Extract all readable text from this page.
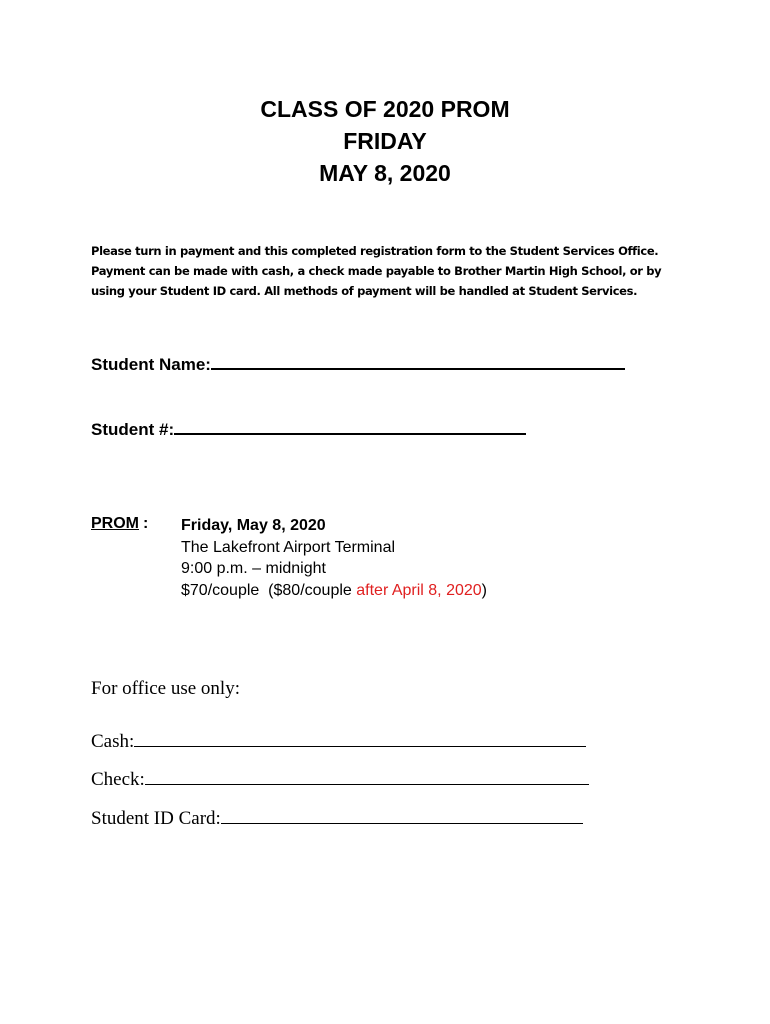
CLASS OF 2020 PROM
FRIDAY
MAY 8, 2020
Please turn in payment and this completed registration form to the Student Services Office.
Payment can be made with cash, a check made payable to Brother Martin High School, or by
using your Student ID card. All methods of payment will be handled at Student Services.
Student Name:
Student #:
PROM : Friday, May 8, 2020
The Lakefront Airport Terminal
9:00 p.m. – midnight
$70/couple  ($80/couple after April 8, 2020)
For office use only:
Cash:
Check:
Student ID Card:
